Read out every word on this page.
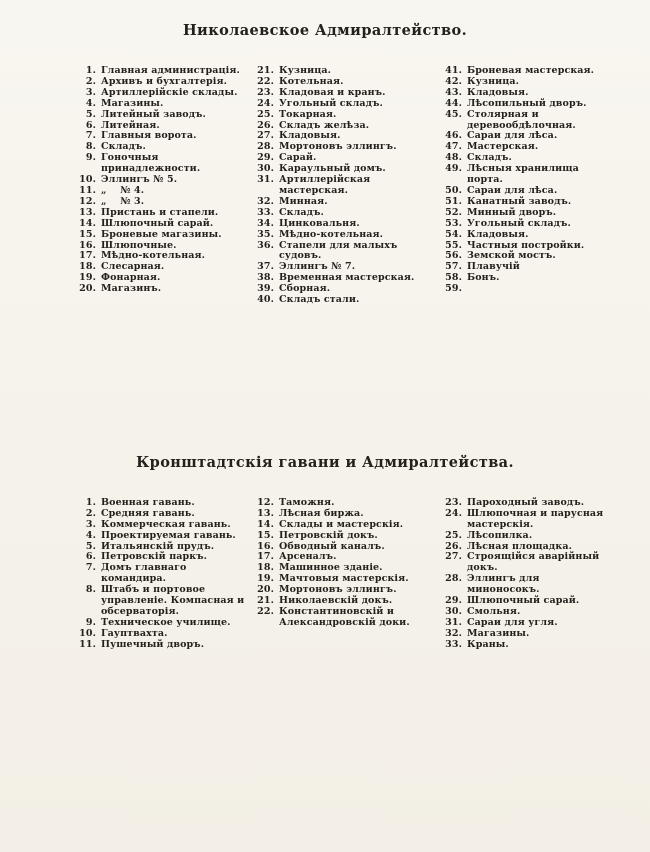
Николаевское Адмиралтейство.
1. Главная администрація.
2. Архивъ и бухгалтерія.
3. Артиллерійскіе склады.
4. Магазины.
5. Литейный заводъ.
6. Литейная.
7. Главныя ворота.
8. Складъ.
9. Гоночныя принадлежности.
10. Эллингъ № 5.
11. „    № 4.
12. „    № 3.
13. Пристань и стапели.
14. Шлюпочный сарай.
15. Броневые магазины.
16. Шлюпочные.
17. Мѣдно-котельная.
18. Слесарная.
19. Фонарная.
20. Магазинъ.
21. Кузница.
22. Котельная.
23. Кладовая и кранъ.
24. Угольный складъ.
25. Токарная.
26. Складъ желѣза.
27. Кладовыя.
28. Мортоновъ эллингъ.
29. Сарай.
30. Караульный домъ.
31. Артиллерійская мастерская.
32. Минная.
33. Складъ.
34. Цинковальня.
35. Мѣдно-котельная.
36. Стапели для малыхъ судовъ.
37. Эллингъ № 7.
38. Временная мастерская.
39. Сборная.
40. Складъ стали.
41. Броневая мастерская.
42. Кузница.
43. Кладовыя.
44. Лѣсопильный дворъ.
45. Столярная и деревообдѣлочная.
46. Сараи для лѣса.
47. Мастерская.
48. Складъ.
49. Лѣсныя хранилища порта.
50. Сараи для лѣса.
51. Канатный заводъ.
52. Минный дворъ.
53. Угольный складъ.
54. Кладовыя.
55. Частныя постройки.
56. Земской мостъ.
57. Плавучій
58. Бонъ.
59.
Кронштадтскія гавани и Адмиралтейства.
1. Военная гавань.
2. Средняя гавань.
3. Коммерческая гавань.
4. Проектируемая гавань.
5. Итальянскій прудъ.
6. Петровскій паркъ.
7. Домъ главнаго командира.
8. Штабъ и портовое управленіе. Компасная и обсерваторія.
9. Техническое училище.
10. Гауптвахта.
11. Пушечный дворъ.
12. Таможня.
13. Лѣсная биржа.
14. Склады и мастерскія.
15. Петровскій докъ.
16. Обводный каналъ.
17. Арсеналъ.
18. Машинное зданіе.
19. Мачтовыя мастерскія.
20. Мортоновъ эллингъ.
21. Николаевскій докъ.
22. Константиновскій и Александровскій доки.
23. Пароходный заводъ.
24. Шлюпочная и парусная мастерскія.
25. Лѣсопилка.
26. Лѣсная площадка.
27. Строящійся аварійный докъ.
28. Эллингъ для миноносокъ.
29. Шлюпочный сарай.
30. Смольня.
31. Сараи для угля.
32. Магазины.
33. Краны.
